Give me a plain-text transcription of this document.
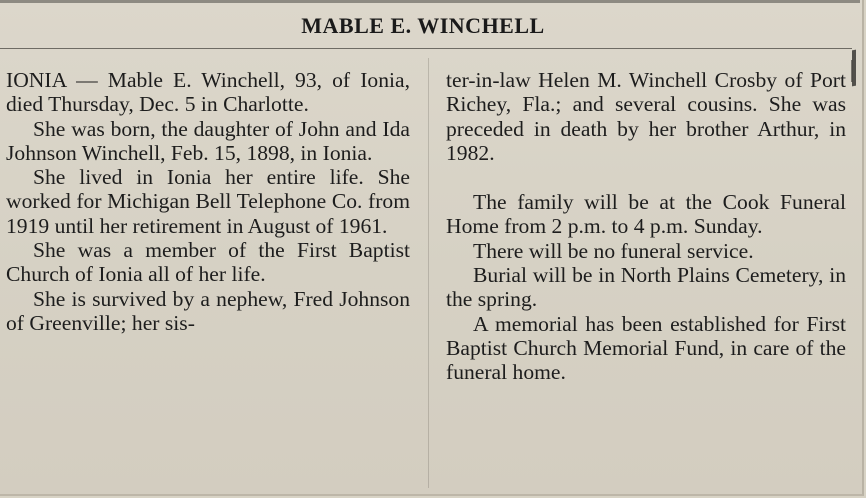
MABLE E. WINCHELL

IONIA — Mable E. Winchell, 93, of Ionia, died Thursday, Dec. 5 in Charlotte.

She was born, the daughter of John and Ida Johnson Winchell, Feb. 15, 1898, in Ionia.

She lived in Ionia her entire life. She worked for Michigan Bell Telephone Co. from 1919 until her retirement in August of 1961.

She was a member of the First Baptist Church of Ionia all of her life.

She is survived by a nephew, Fred Johnson of Greenville; her sis-

ter-in-law Helen M. Winchell Crosby of Port Richey, Fla.; and several cousins. She was preceded in death by her brother Arthur, in 1982.

The family will be at the Cook Funeral Home from 2 p.m. to 4 p.m. Sunday.

There will be no funeral service.

Burial will be in North Plains Cemetery, in the spring.

A memorial has been established for First Baptist Church Memorial Fund, in care of the funeral home.
